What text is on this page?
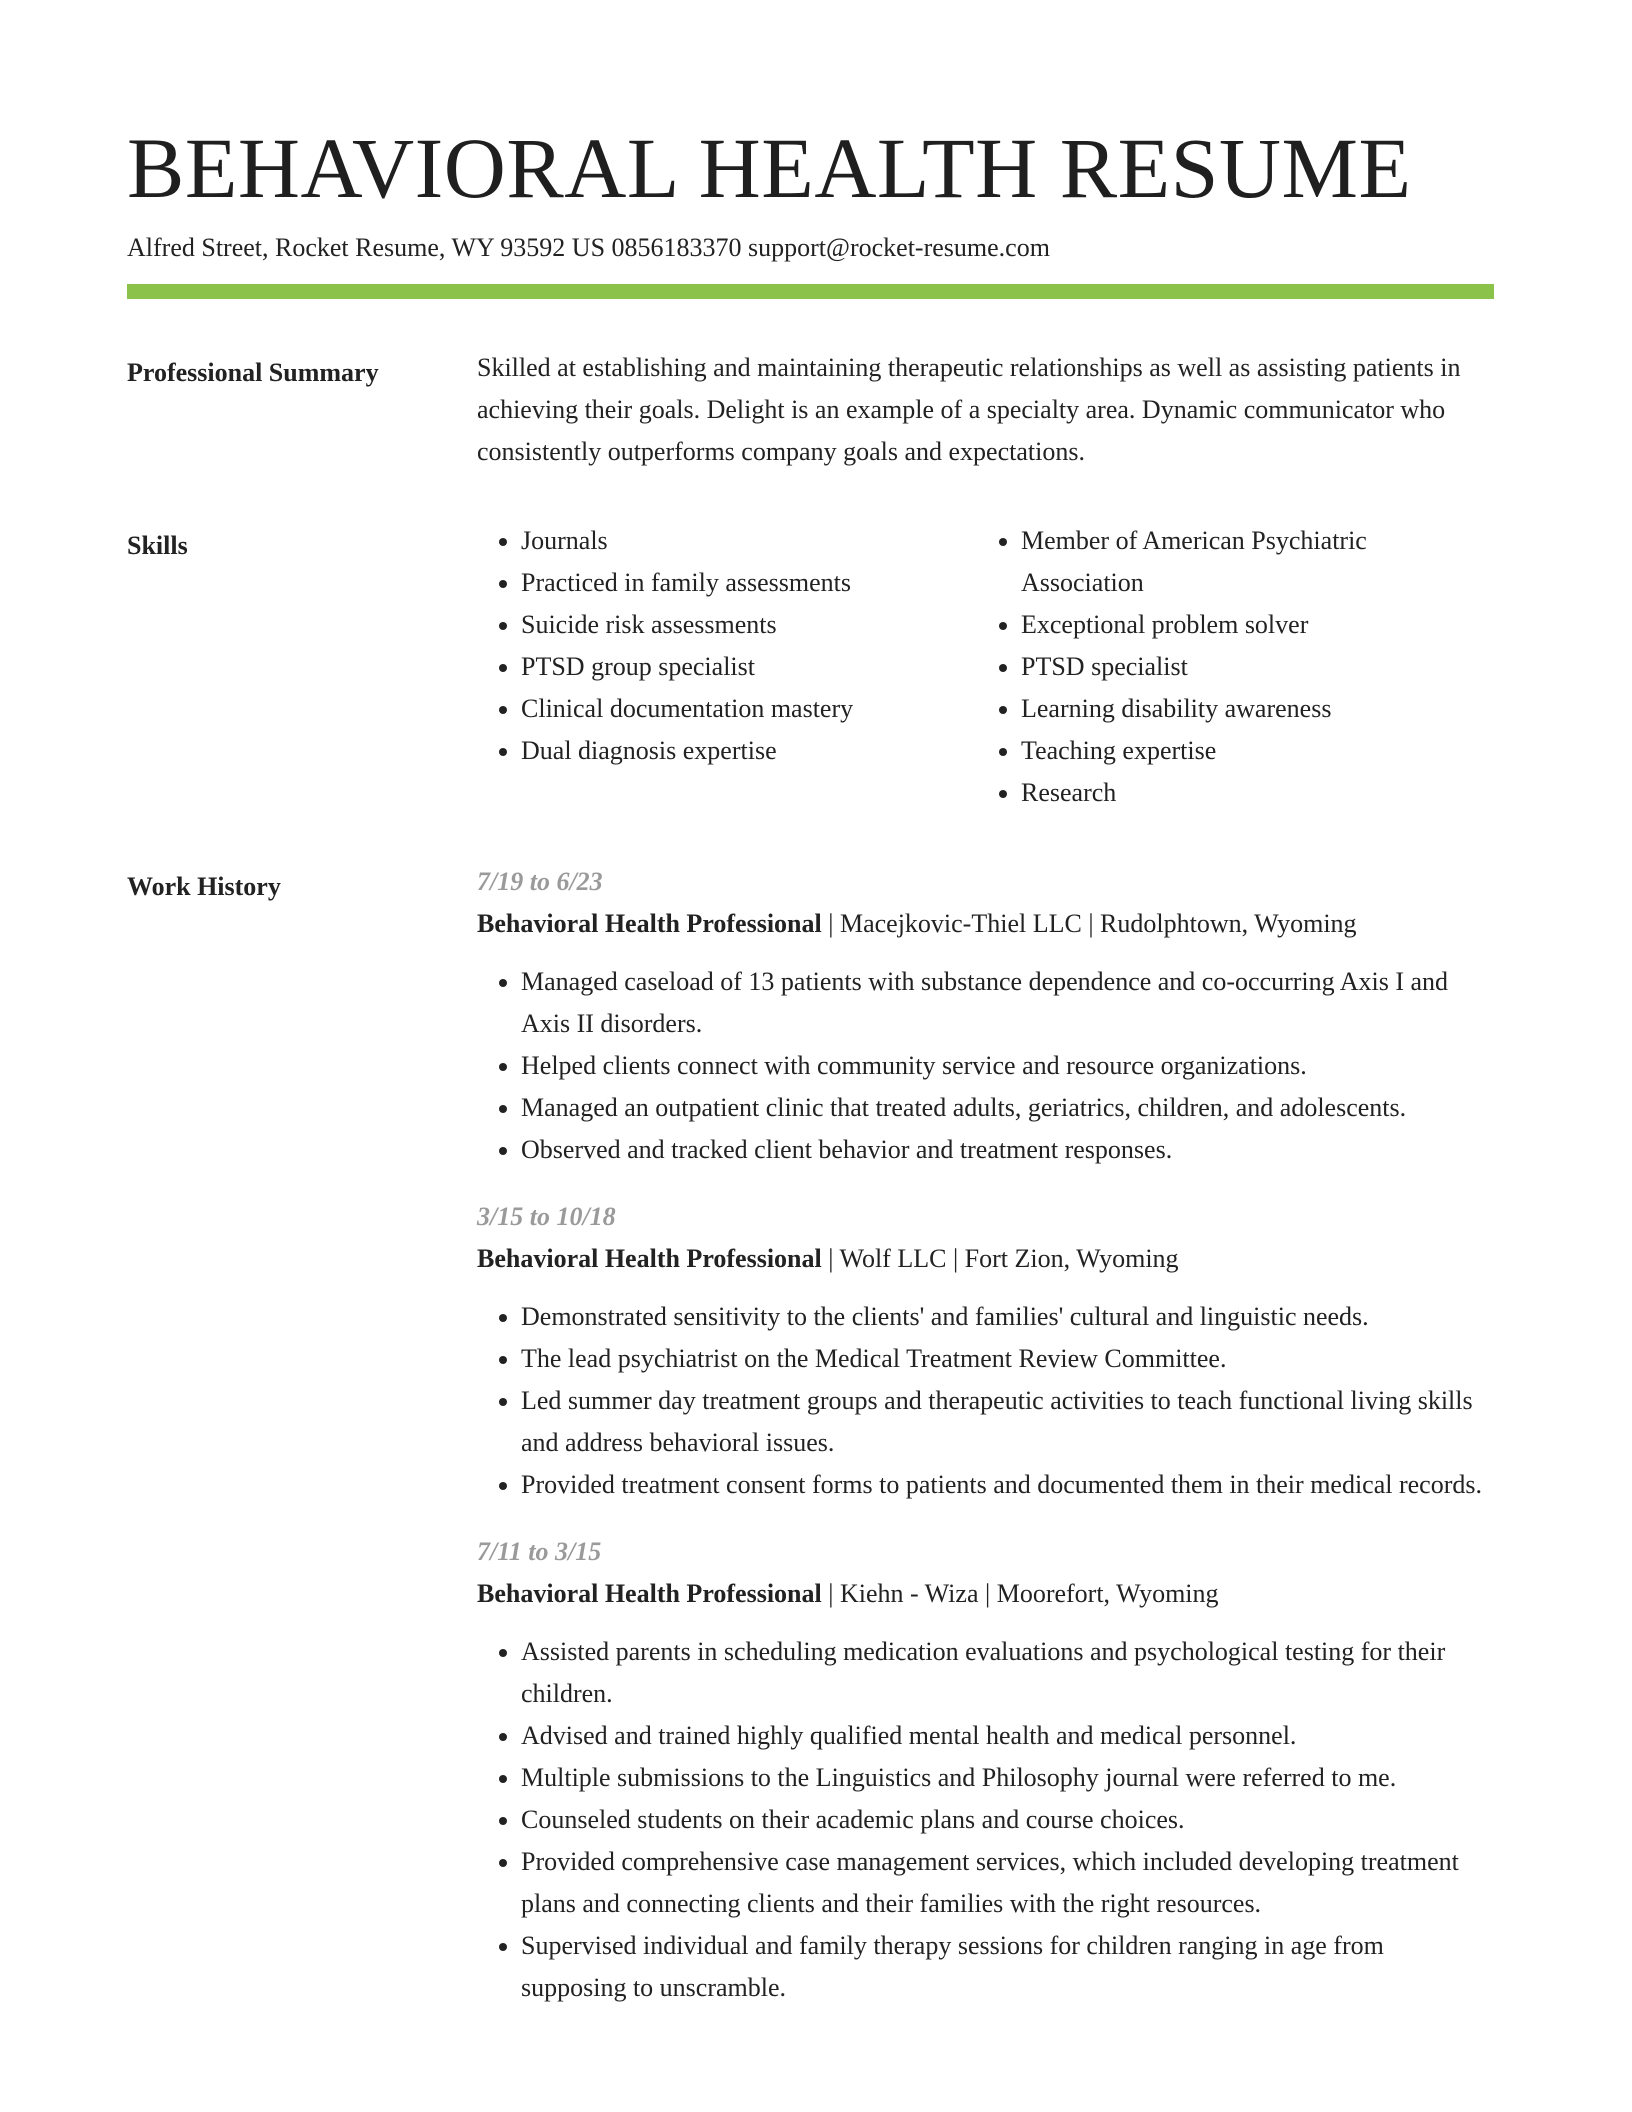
BEHAVIORAL HEALTH RESUME
Alfred Street, Rocket Resume, WY 93592 US 0856183370 support@rocket-resume.com
Professional Summary	Skilled at establishing and maintaining therapeutic relationships as well as assisting patients in achieving their goals. Delight is an example of a specialty area. Dynamic communicator who consistently outperforms company goals and expectations.

Skills
•	Journals
• Practiced in family assessments
• Suicide risk assessments
• PTSD group specialist
• Clinical documentation mastery
• Dual diagnosis expertise
• Member of American Psychiatric Association
• Exceptional problem solver
• PTSD specialist
• Learning disability awareness
• Teaching expertise
• Research
Work History	7/19 to 6/23
Behavioral Health Professional | Macejkovic-Thiel LLC | Rudolphtown, Wyoming
• Managed caseload of 13 patients with substance dependence and co-occurring Axis I and Axis II disorders.
• Helped clients connect with community service and resource organizations.
• Managed an outpatient clinic that treated adults, geriatrics, children, and adolescents.
• Observed and tracked client behavior and treatment responses.
3/15 to 10/18
Behavioral Health Professional | Wolf LLC | Fort Zion, Wyoming
• Demonstrated sensitivity to the clients' and families' cultural and linguistic needs.
• The lead psychiatrist on the Medical Treatment Review Committee.
• Led summer day treatment groups and therapeutic activities to teach functional living skills and address behavioral issues.
• Provided treatment consent forms to patients and documented them in their medical records.
7/11 to 3/15
Behavioral Health Professional | Kiehn - Wiza | Moorefort, Wyoming
• Assisted parents in scheduling medication evaluations and psychological testing for their children.
• Advised and trained highly qualified mental health and medical personnel.
• Multiple submissions to the Linguistics and Philosophy journal were referred to me.
• Counseled students on their academic plans and course choices.
• Provided comprehensive case management services, which included developing treatment plans and connecting clients and their families with the right resources.
• Supervised individual and family therapy sessions for children ranging in age from supposing to unscramble.
